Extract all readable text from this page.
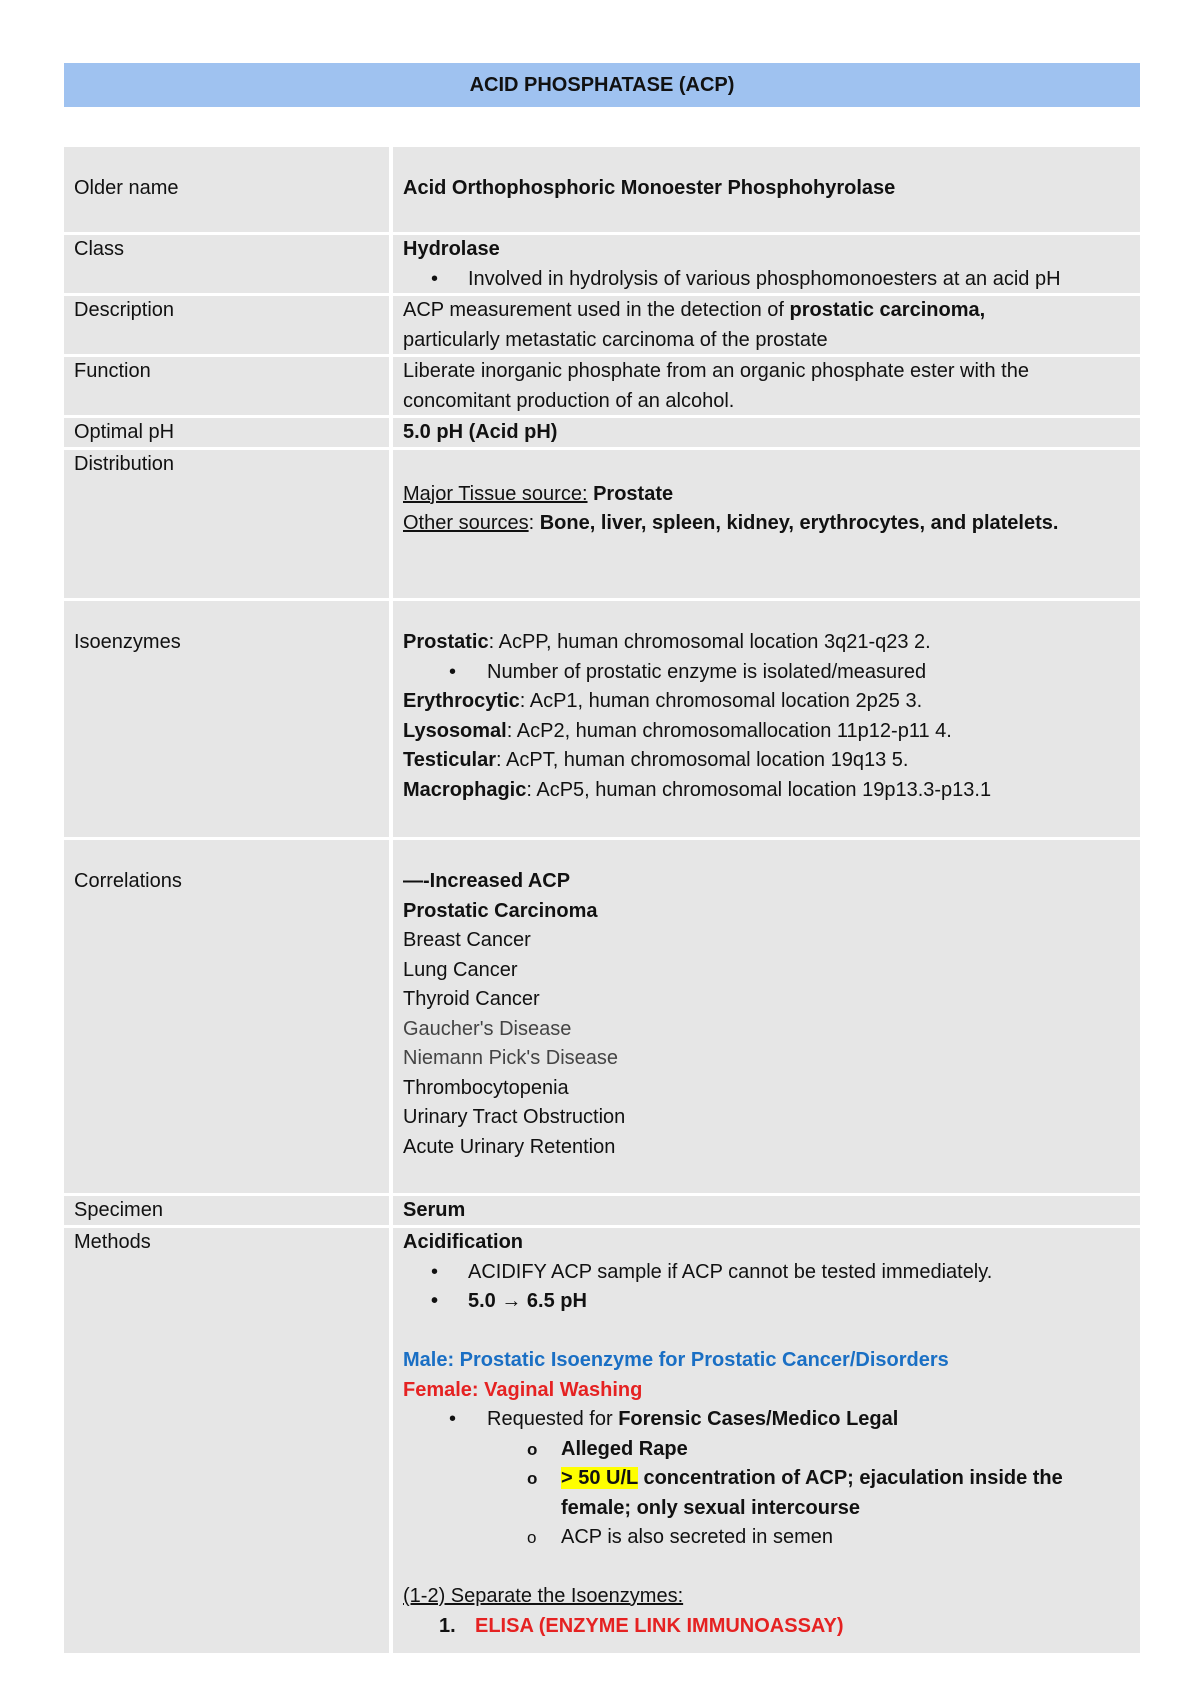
ACID PHOSPHATASE (ACP)
Older name	Acid Orthophosphoric Monoester Phosphohyrolase
Class	Hydrolase
• Involved in hydrolysis of various phosphomonoesters at an acid pH
Description	ACP measurement used in the detection of prostatic carcinoma,
particularly metastatic carcinoma of the prostate
Function	Liberate inorganic phosphate from an organic phosphate ester with the concomitant production of an alcohol.
Optimal pH	5.0 pH (Acid pH)
Distribution
Major Tissue source: Prostate
Other sources: Bone, liver, spleen, kidney, erythrocytes, and platelets.
Isoenzymes	Prostatic: AcPP, human chromosomal location 3q21-q23 2.
• Number of prostatic enzyme is isolated/measured
Erythrocytic: AcP1, human chromosomal location 2p25 3.
Lysosomal: AcP2, human chromosomallocation 11p12-p11 4.
Testicular: AcPT, human chromosomal location 19q13 5.
Macrophagic: AcP5, human chromosomal location 19p13.3-p13.1
Correlations	—-Increased ACP
Prostatic Carcinoma
Breast Cancer
Lung Cancer
Thyroid Cancer
Gaucher's Disease
Niemann Pick's Disease
Thrombocytopenia
Urinary Tract Obstruction
Acute Urinary Retention
Specimen	Serum
Methods	Acidification
• ACIDIFY ACP sample if ACP cannot be tested immediately.
• 5.0 → 6.5 pH
Male: Prostatic Isoenzyme for Prostatic Cancer/Disorders
Female: Vaginal Washing
• Requested for Forensic Cases/Medico Legal
o Alleged Rape
o > 50 U/L concentration of ACP; ejaculation inside the female; only sexual intercourse
o ACP is also secreted in semen
(1-2) Separate the Isoenzymes:
1. ELISA (ENZYME LINK IMMUNOASSAY)
